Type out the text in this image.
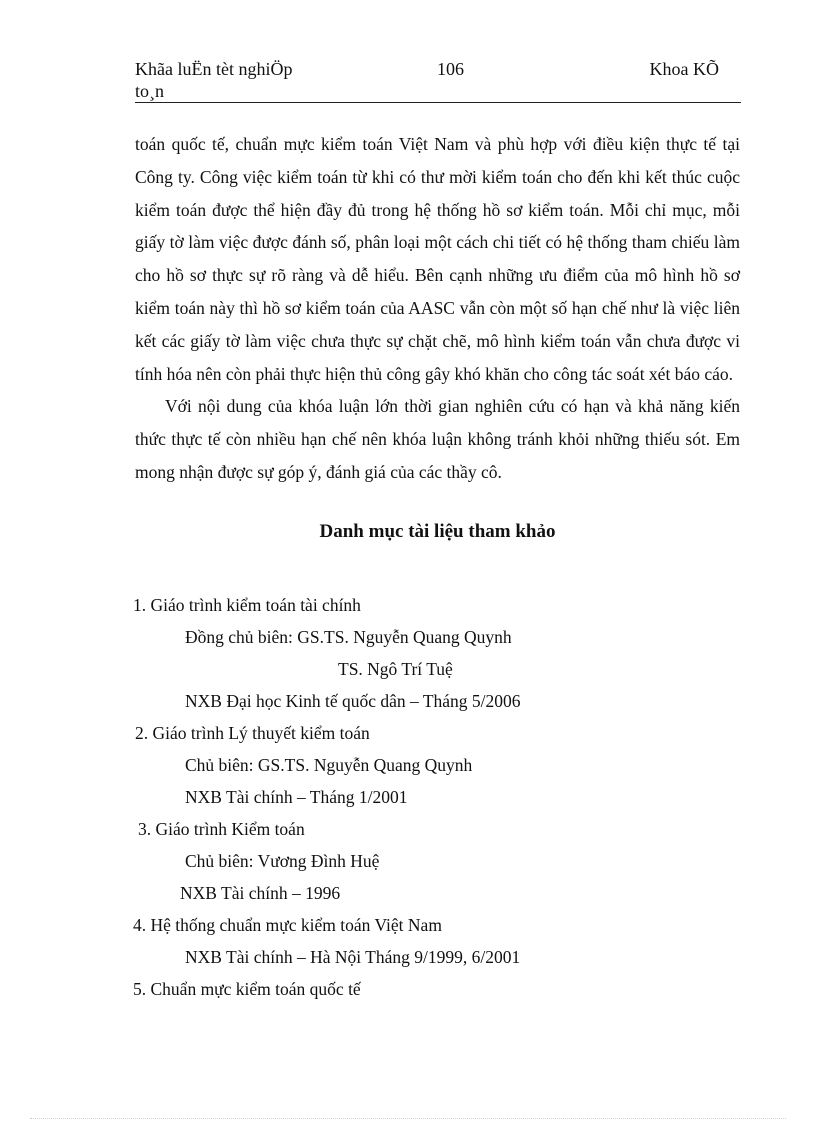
Khãa luËn tèt nghiÖp
to¸n
106	Khoa KÕ

toán quốc tế, chuẩn mực kiểm toán Việt Nam và phù hợp với điều kiện thực tế tại Công ty. Công việc kiểm toán từ khi có thư mời kiểm toán cho đến khi kết thúc cuộc kiểm toán được thể hiện đầy đủ trong hệ thống hồ sơ kiểm toán. Mỗi chỉ mục, mỗi giấy tờ làm việc được đánh số, phân loại một cách chi tiết có hệ thống tham chiếu làm cho hồ sơ thực sự rõ ràng và dễ hiểu. Bên cạnh những ưu điểm của mô hình hồ sơ kiểm toán này thì hồ sơ kiểm toán của AASC vẫn còn một số hạn chế như là việc liên kết các giấy tờ làm việc chưa thực sự chặt chẽ, mô hình kiểm toán vẫn chưa được vi tính hóa nên còn phải thực hiện thủ công gây khó khăn cho công tác soát xét báo cáo.

Với nội dung của khóa luận lớn thời gian nghiên cứu có hạn và khả năng kiến thức thực tế còn nhiều hạn chế nên khóa luận không tránh khỏi những thiếu sót. Em mong nhận được sự góp ý, đánh giá của các thầy cô.

Danh mục tài liệu tham khảo
1. Giáo trình kiểm toán tài chính
Đồng chủ biên: GS.TS. Nguyễn Quang Quynh
TS. Ngô Trí Tuệ
NXB Đại học Kinh tế quốc dân – Tháng 5/2006
2. Giáo trình Lý thuyết kiểm toán
Chủ biên: GS.TS. Nguyễn Quang Quynh
NXB Tài chính – Tháng 1/2001
3. Giáo trình Kiểm toán
Chủ biên: Vương Đình Huệ
NXB Tài chính – 1996
4. Hệ thống chuẩn mực kiểm toán Việt Nam
NXB Tài chính – Hà Nội Tháng 9/1999, 6/2001
5. Chuẩn mực kiểm toán quốc tế
